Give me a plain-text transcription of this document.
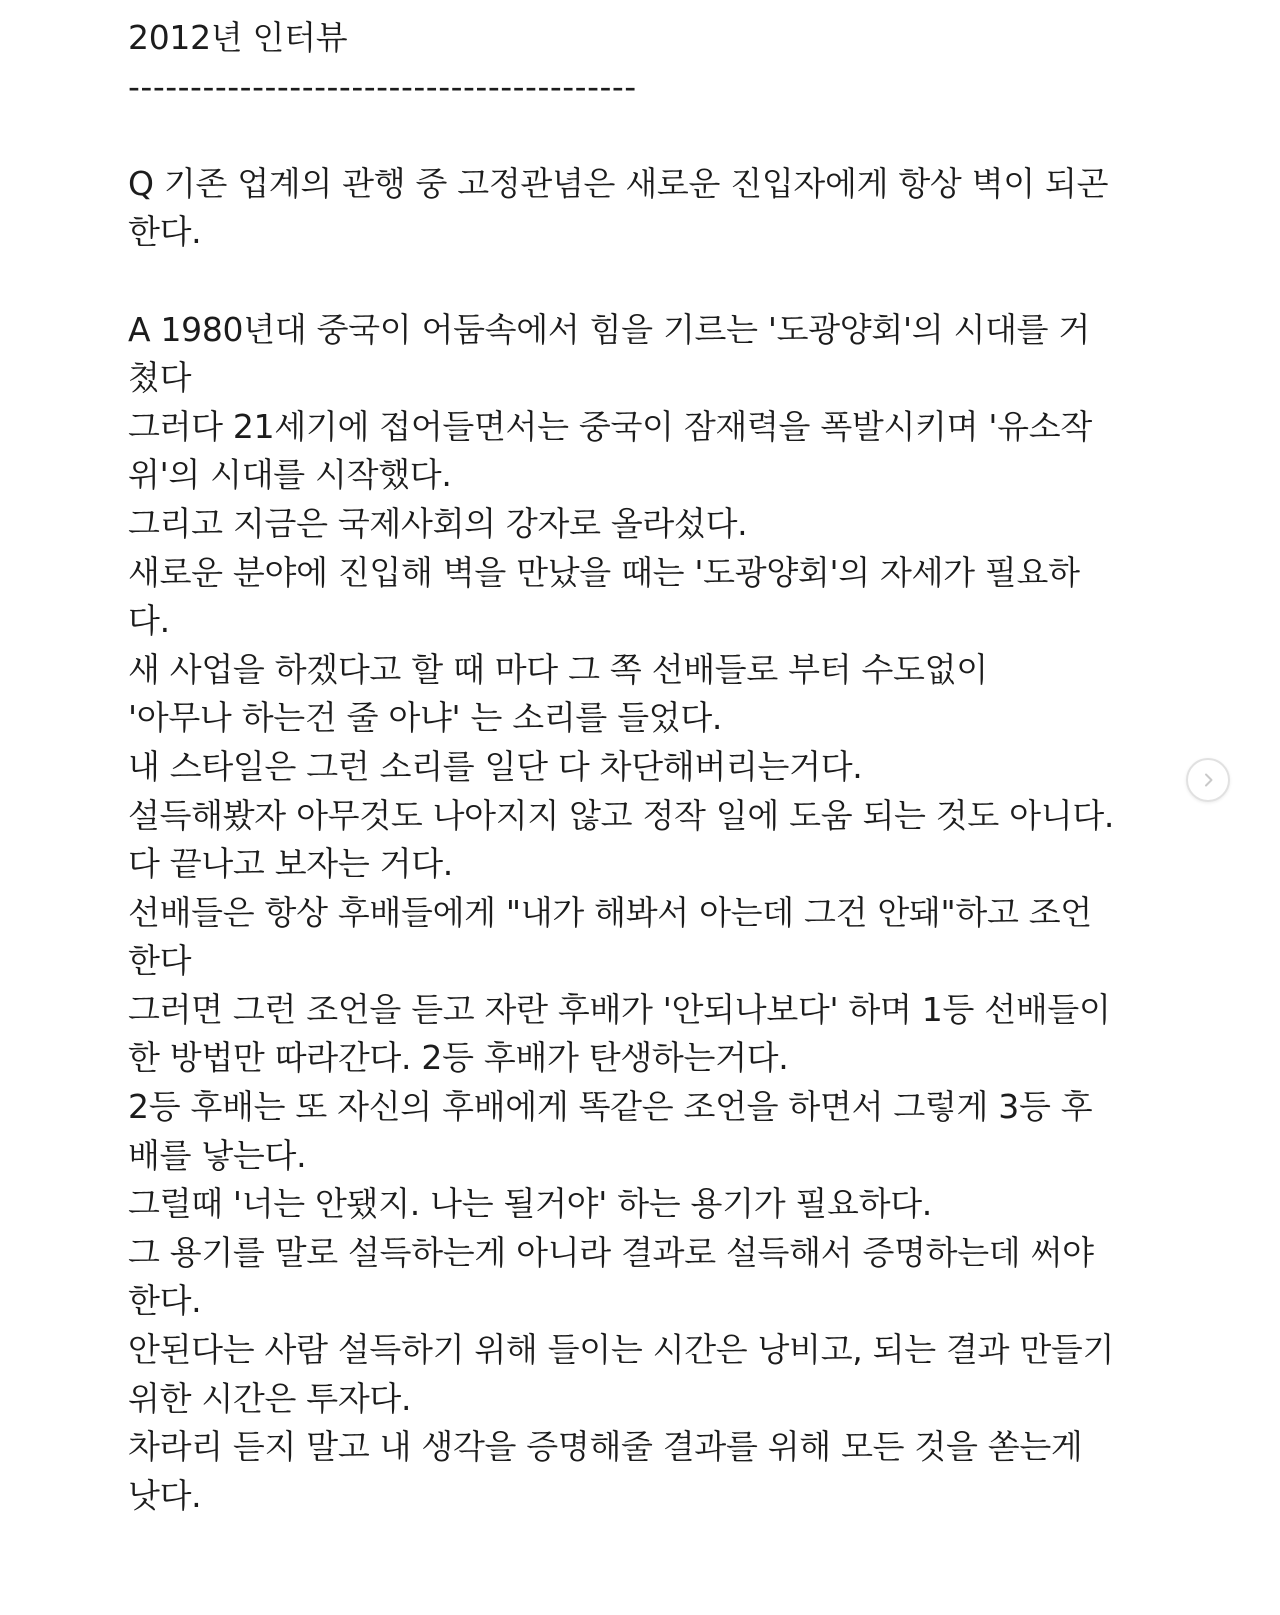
2012년 인터뷰
-----------------------------------------
Q 기존 업계의 관행 중 고정관념은 새로운 진입자에게 항상 벽이 되곤
한다.
A 1980년대 중국이 어둠속에서 힘을 기르는 '도광양회'의 시대를 거
쳤다
그러다 21세기에 접어들면서는 중국이 잠재력을 폭발시키며 '유소작
위'의 시대를 시작했다.
그리고 지금은 국제사회의 강자로 올라섰다.
새로운 분야에 진입해 벽을 만났을 때는 '도광양회'의 자세가 필요하
다.
새 사업을 하겠다고 할 때 마다 그 쪽 선배들로 부터 수도없이
'아무나 하는건 줄 아냐' 는 소리를 들었다.
내 스타일은 그런 소리를 일단 다 차단해버리는거다.
설득해봤자 아무것도 나아지지 않고 정작 일에 도움 되는 것도 아니다.
다 끝나고 보자는 거다.
선배들은 항상 후배들에게 "내가 해봐서 아는데 그건 안돼"하고 조언
한다
그러면 그런 조언을 듣고 자란 후배가 '안되나보다' 하며 1등 선배들이
한 방법만 따라간다. 2등 후배가 탄생하는거다.
2등 후배는 또 자신의 후배에게 똑같은 조언을 하면서 그렇게 3등 후
배를 낳는다.
그럴때 '너는 안됐지. 나는 될거야' 하는 용기가 필요하다.
그 용기를 말로 설득하는게 아니라 결과로 설득해서 증명하는데 써야
한다.
안된다는 사람 설득하기 위해 들이는 시간은 낭비고, 되는 결과 만들기
위한 시간은 투자다.
차라리 듣지 말고 내 생각을 증명해줄 결과를 위해 모든 것을 쏟는게
낫다.
